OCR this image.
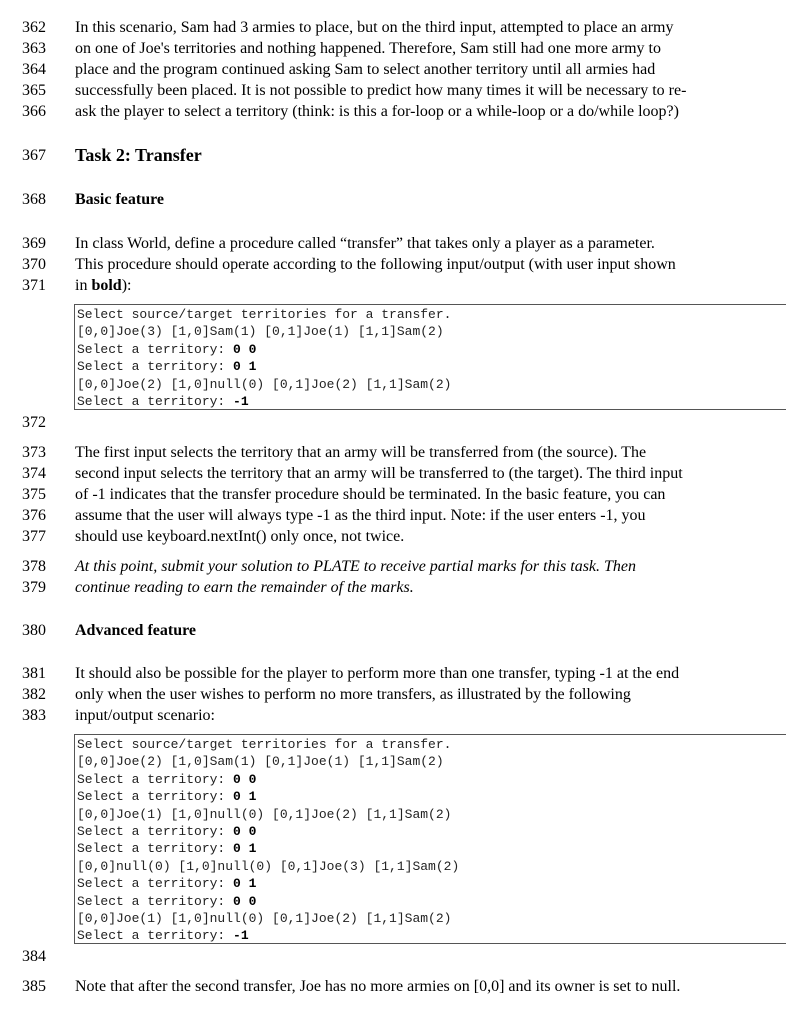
362	In this scenario, Sam had 3 armies to place, but on the third input, attempted to place an army
363	on one of Joe's territories and nothing happened. Therefore, Sam still had one more army to
364	place and the program continued asking Sam to select another territory until all armies had
365	successfully been placed. It is not possible to predict how many times it will be necessary to re-
366	ask the player to select a territory (think: is this a for-loop or a while-loop or a do/while loop?)
367	Task 2: Transfer
368	Basic feature
369	In class World, define a procedure called “transfer” that takes only a player as a parameter.
370	This procedure should operate according to the following input/output (with user input shown
371	in bold):
Select source/target territories for a transfer.
[0,0]Joe(3) [1,0]Sam(1) [0,1]Joe(1) [1,1]Sam(2)
Select a territory: 0 0
Select a territory: 0 1
[0,0]Joe(2) [1,0]null(0) [0,1]Joe(2) [1,1]Sam(2)
Select a territory: -1
372
373	The first input selects the territory that an army will be transferred from (the source). The
374	second input selects the territory that an army will be transferred to (the target). The third input
375	of -1 indicates that the transfer procedure should be terminated. In the basic feature, you can
376	assume that the user will always type -1 as the third input. Note: if the user enters -1, you
377	should use keyboard.nextInt() only once, not twice.
378	At this point, submit your solution to PLATE to receive partial marks for this task. Then
379	continue reading to earn the remainder of the marks.
380	Advanced feature
381	It should also be possible for the player to perform more than one transfer, typing -1 at the end
382	only when the user wishes to perform no more transfers, as illustrated by the following
383	input/output scenario:
Select source/target territories for a transfer.
[0,0]Joe(2) [1,0]Sam(1) [0,1]Joe(1) [1,1]Sam(2)
Select a territory: 0 0
Select a territory: 0 1
[0,0]Joe(1) [1,0]null(0) [0,1]Joe(2) [1,1]Sam(2)
Select a territory: 0 0
Select a territory: 0 1
[0,0]null(0) [1,0]null(0) [0,1]Joe(3) [1,1]Sam(2)
Select a territory: 0 1
Select a territory: 0 0
[0,0]Joe(1) [1,0]null(0) [0,1]Joe(2) [1,1]Sam(2)
Select a territory: -1
384
385	Note that after the second transfer, Joe has no more armies on [0,0] and its owner is set to null.
